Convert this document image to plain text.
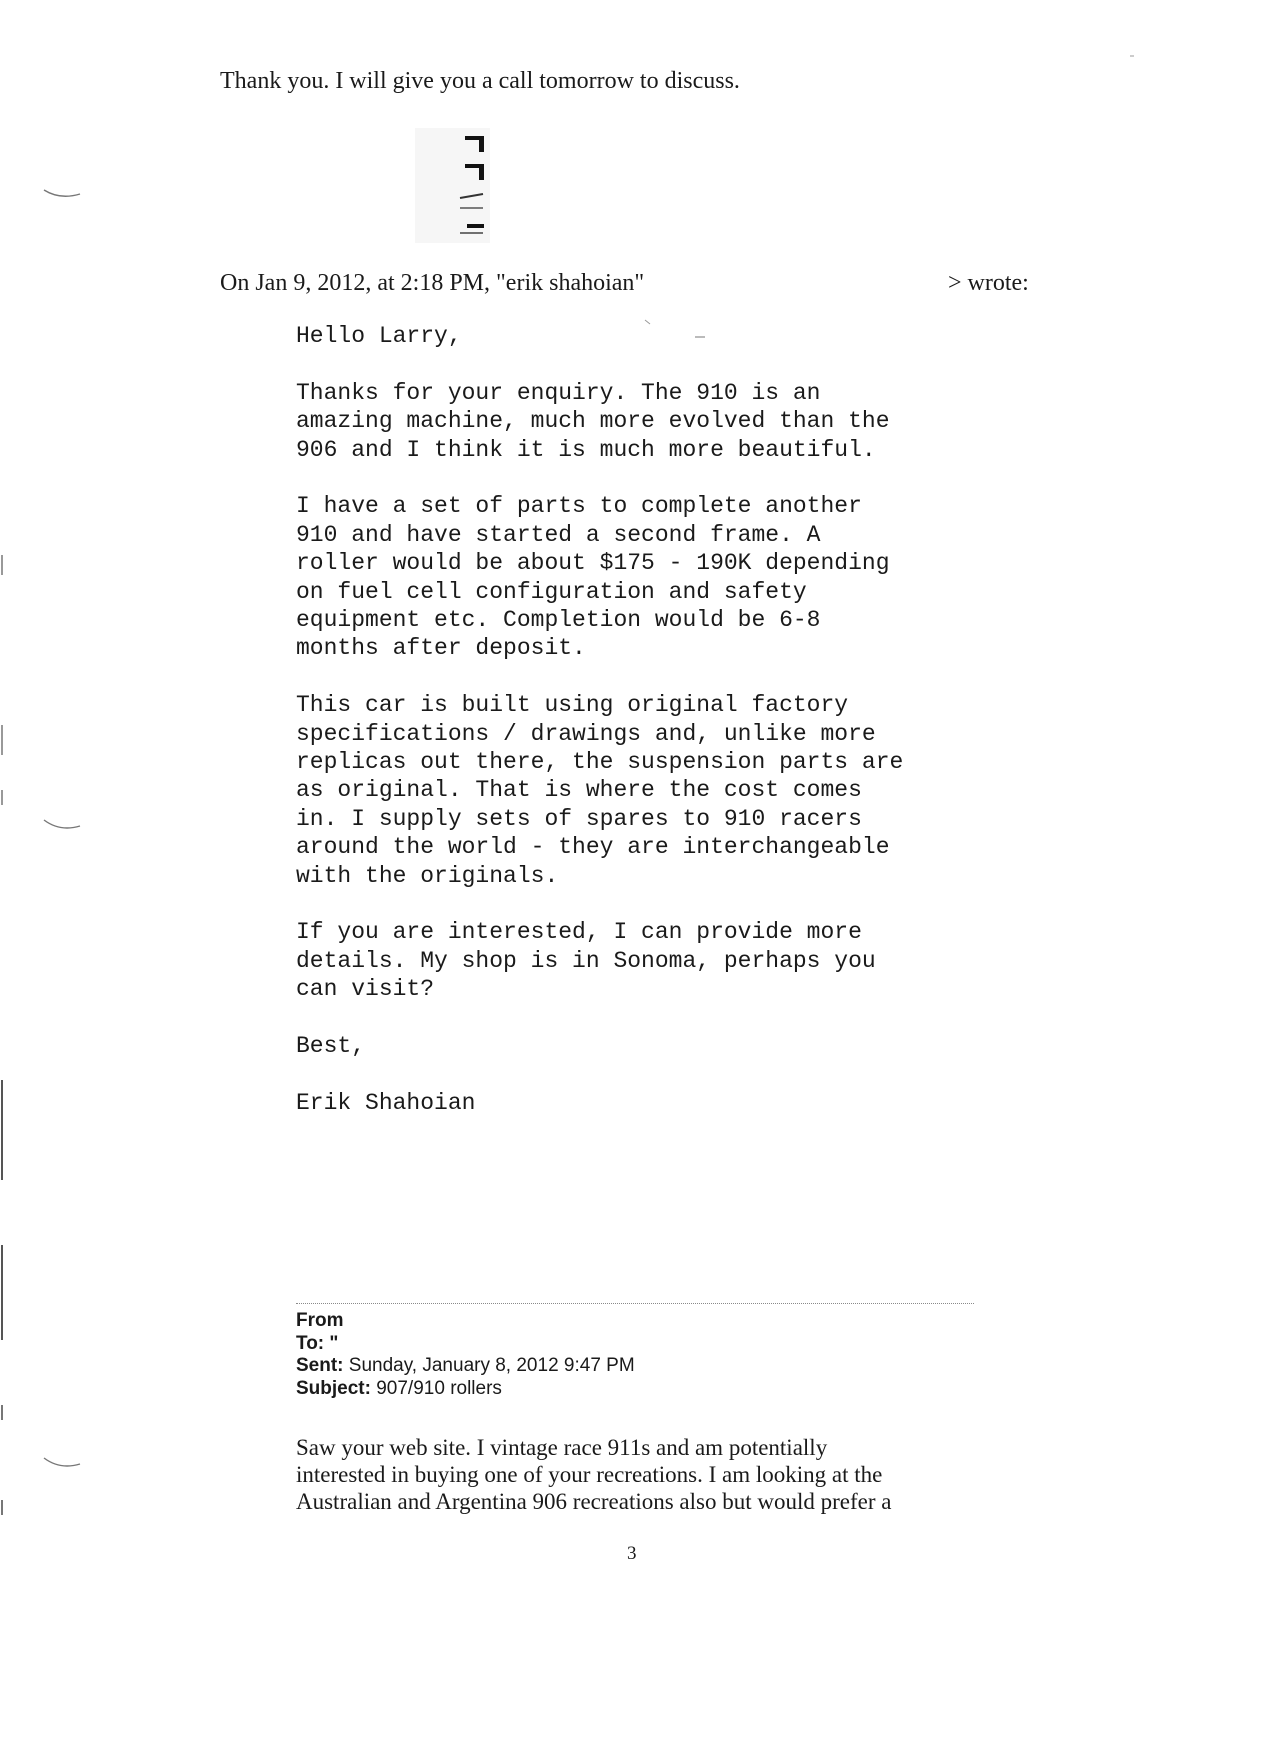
Thank you. I will give you a call tomorrow to discuss.
On Jan 9, 2012, at 2:18 PM, "erik shahoian"	> wrote:
Hello Larry,
Thanks for your enquiry. The 910 is an
amazing machine, much more evolved than the
906 and I think it is much more beautiful.
I have a set of parts to complete another
910 and have started a second frame. A
roller would be about $175 - 190K depending
on fuel cell configuration and safety
equipment etc. Completion would be 6-8
months after deposit.
This car is built using original factory
specifications / drawings and, unlike more
replicas out there, the suspension parts are
as original. That is where the cost comes
in. I supply sets of spares to 910 racers
around the world - they are interchangeable
with the originals.
If you are interested, I can provide more
details. My shop is in Sonoma, perhaps you
can visit?
Best,
Erik Shahoian
From
To: "
Sent: Sunday, January 8, 2012 9:47 PM
Subject: 907/910 rollers
Saw your web site. I vintage race 911s and am potentially
interested in buying one of your recreations. I am looking at the
Australian and Argentina 906 recreations also but would prefer a
3
